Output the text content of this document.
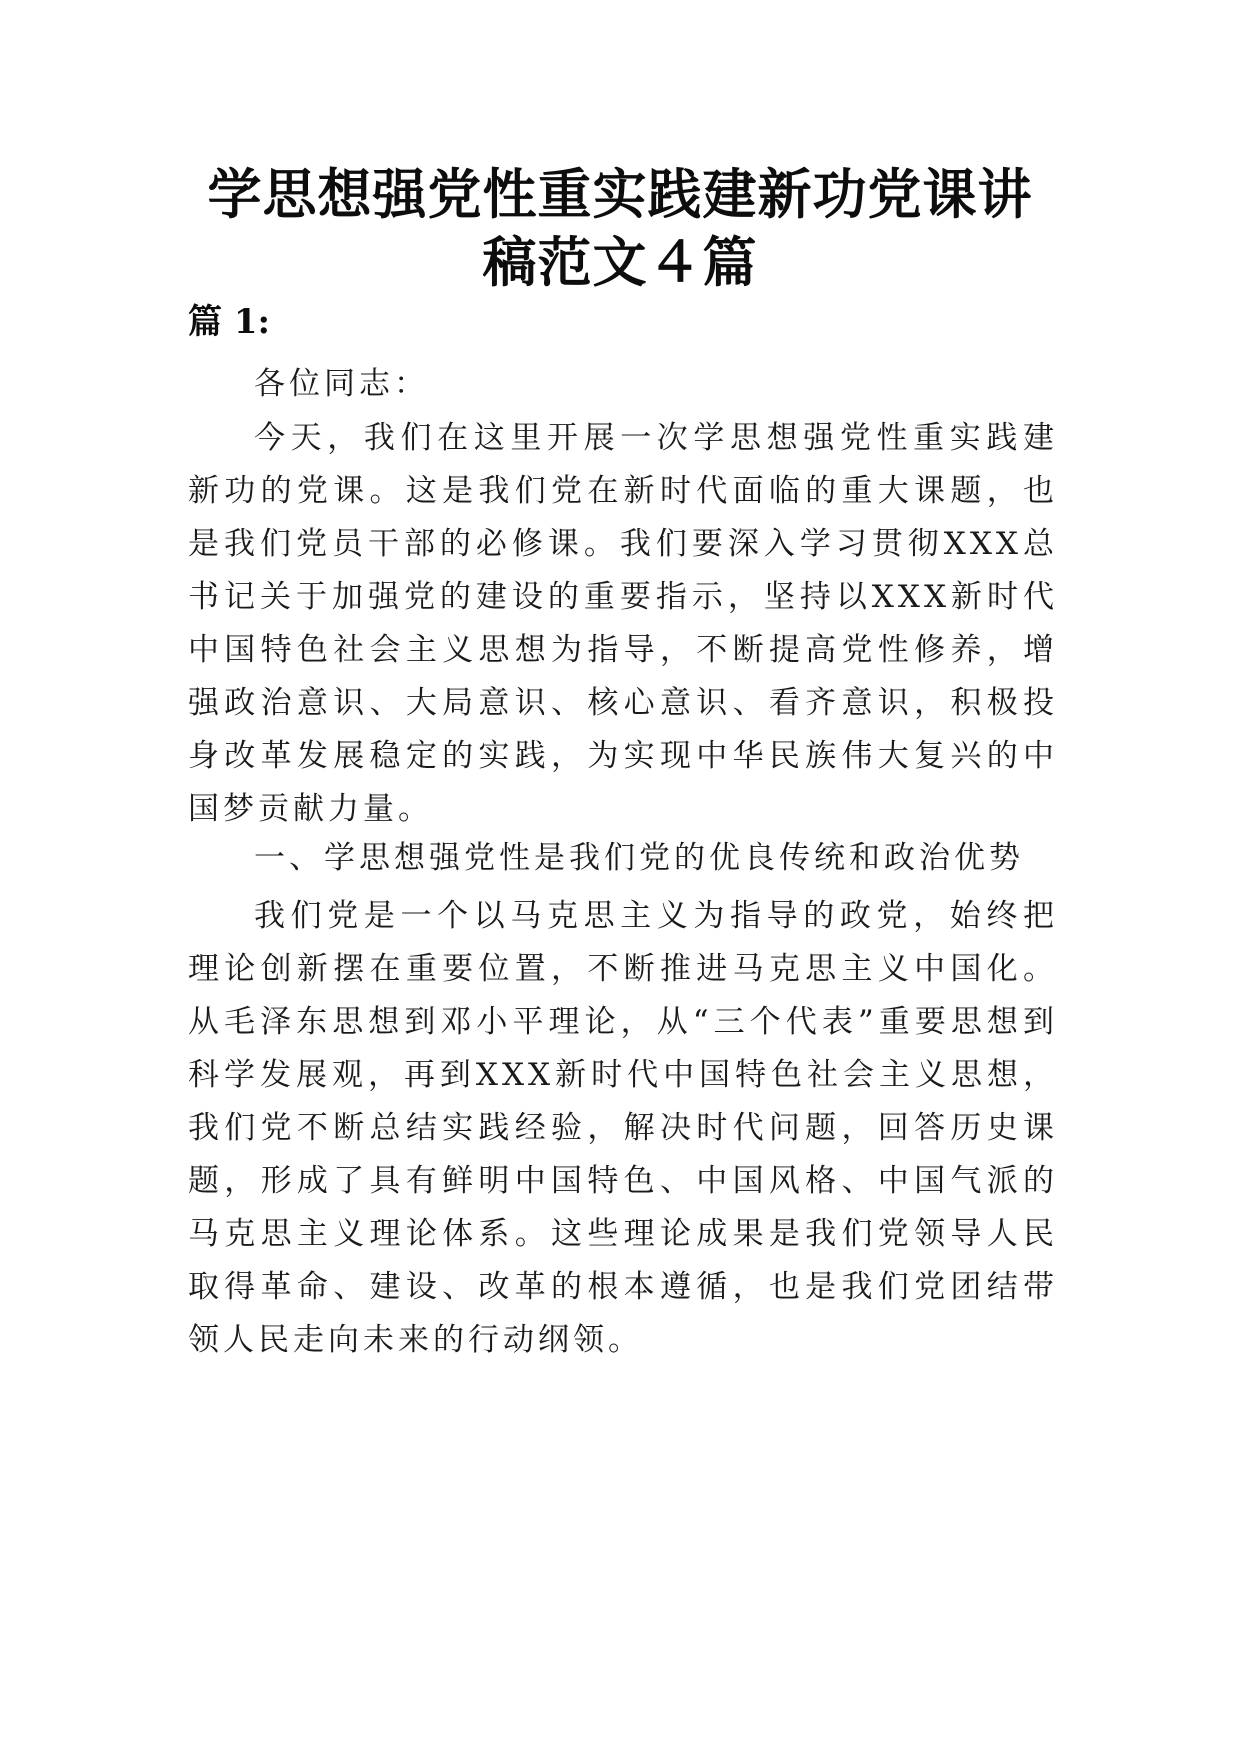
学思想强党性重实践建新功党课讲
稿范文４篇
篇 1:

各位同志：

今天，我们在这里开展一次学思想强党性重实践建新功的党课。这是我们党在新时代面临的重大课题，也是我们党员干部的必修课。我们要深入学习贯彻XXX总书记关于加强党的建设的重要指示，坚持以XXX新时代中国特色社会主义思想为指导，不断提高党性修养，增强政治意识、大局意识、核心意识、看齐意识，积极投身改革发展稳定的实践，为实现中华民族伟大复兴的中国梦贡献力量。

一、学思想强党性是我们党的优良传统和政治优势

我们党是一个以马克思主义为指导的政党，始终把理论创新摆在重要位置，不断推进马克思主义中国化。从毛泽东思想到邓小平理论，从“三个代表”重要思想到科学发展观，再到XXX新时代中国特色社会主义思想，我们党不断总结实践经验，解决时代问题，回答历史课题，形成了具有鲜明中国特色、中国风格、中国气派的马克思主义理论体系。这些理论成果是我们党领导人民取得革命、建设、改革的根本遵循，也是我们党团结带领人民走向未来的行动纲领。
